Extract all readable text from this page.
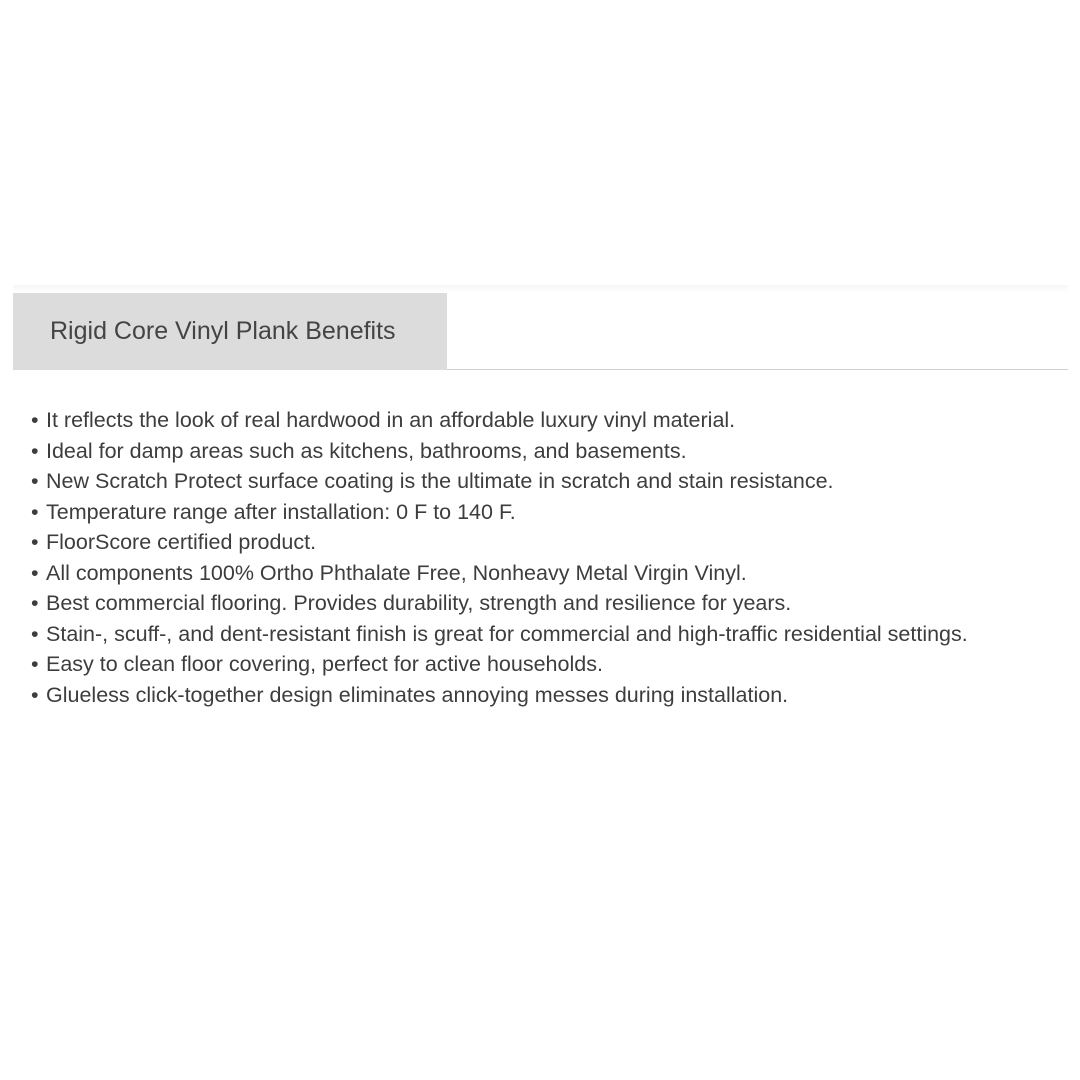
Rigid Core Vinyl Plank Benefits
• It reflects the look of real hardwood in an affordable luxury vinyl material.
• Ideal for damp areas such as kitchens, bathrooms, and basements.
• New Scratch Protect surface coating is the ultimate in scratch and stain resistance.
• Temperature range after installation: 0 F to 140 F.
• FloorScore certified product.
• All components 100% Ortho Phthalate Free, Nonheavy Metal Virgin Vinyl.
• Best commercial flooring. Provides durability, strength and resilience for years.
• Stain-, scuff-, and dent-resistant finish is great for commercial and high-traffic residential settings.
• Easy to clean floor covering, perfect for active households.
• Glueless click-together design eliminates annoying messes during installation.
